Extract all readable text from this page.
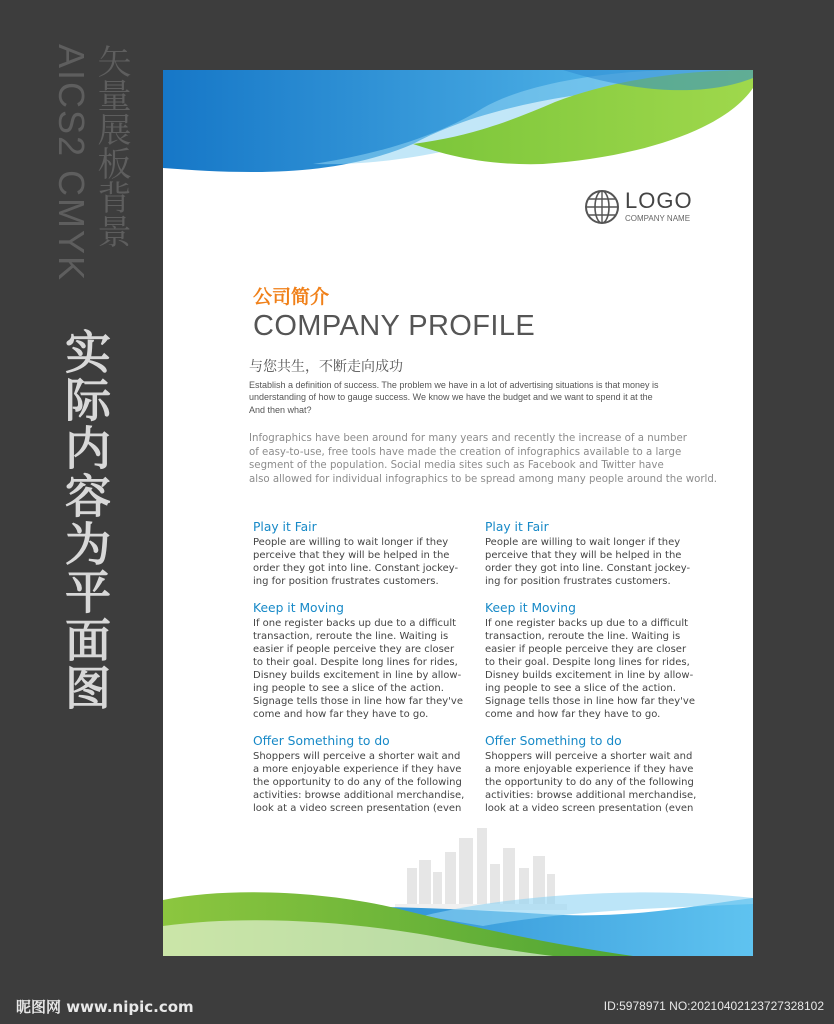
AICS2 CMYK 矢量展板背景
实际内容为平面图
LOGO
COMPANY NAME
公司简介
COMPANY PROFILE
与您共生，不断走向成功
Establish a definition of success. The problem we have in a lot of advertising situations is that money is
understanding of how to gauge success. We know we have the budget and we want to spend it at the
And then what?
Infographics have been around for many years and recently the increase of a number
of easy-to-use, free tools have made the creation of infographics available to a large
segment of the population. Social media sites such as Facebook and Twitter have
also allowed for individual infographics to be spread among many people around the world.

Play it Fair

People are willing to wait longer if they
perceive that they will be helped in the
order they got into line. Constant jockey-
ing for position frustrates customers.

Keep it Moving

If one register backs up due to a difficult
transaction, reroute the line. Waiting is
easier if people perceive they are closer
to their goal. Despite long lines for rides,
Disney builds excitement in line by allow-
ing people to see a slice of the action.
Signage tells those in line how far they've
come and how far they have to go.

Offer Something to do

Shoppers will perceive a shorter wait and
a more enjoyable experience if they have
the opportunity to do any of the following
activities: browse additional merchandise,
look at a video screen presentation (even

Play it Fair

People are willing to wait longer if they
perceive that they will be helped in the
order they got into line. Constant jockey-
ing for position frustrates customers.

Keep it Moving

If one register backs up due to a difficult
transaction, reroute the line. Waiting is
easier if people perceive they are closer
to their goal. Despite long lines for rides,
Disney builds excitement in line by allow-
ing people to see a slice of the action.
Signage tells those in line how far they've
come and how far they have to go.

Offer Something to do

Shoppers will perceive a shorter wait and
a more enjoyable experience if they have
the opportunity to do any of the following
activities: browse additional merchandise,
look at a video screen presentation (even

昵图网 www.nipic.com	ID:5978971 NO:20210402123727328102
